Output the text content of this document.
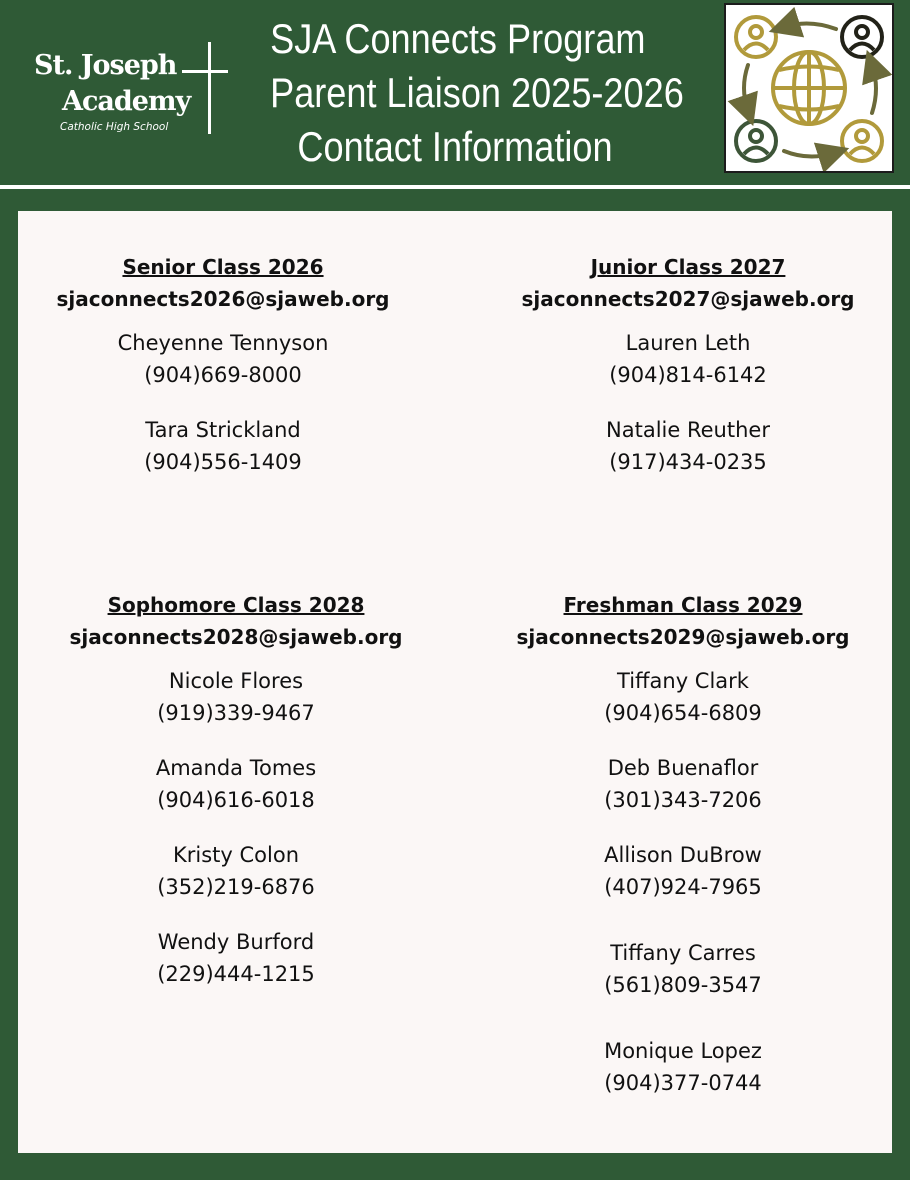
St. Joseph
Academy
Catholic High School
SJA Connects Program
Parent Liaison 2025-2026
Contact Information
Senior Class 2026
sjaconnects2026@sjaweb.org
Cheyenne Tennyson
(904)669-8000
Tara Strickland
(904)556-1409
Junior Class 2027
sjaconnects2027@sjaweb.org
Lauren Leth
(904)814-6142
Natalie Reuther
(917)434-0235
Sophomore Class 2028
sjaconnects2028@sjaweb.org
Nicole Flores
(919)339-9467
Amanda Tomes
(904)616-6018
Kristy Colon
(352)219-6876
Wendy Burford
(229)444-1215
Freshman Class 2029
sjaconnects2029@sjaweb.org
Tiffany Clark
(904)654-6809
Deb Buenaflor
(301)343-7206
Allison DuBrow
(407)924-7965
Tiffany Carres
(561)809-3547
Monique Lopez
(904)377-0744
